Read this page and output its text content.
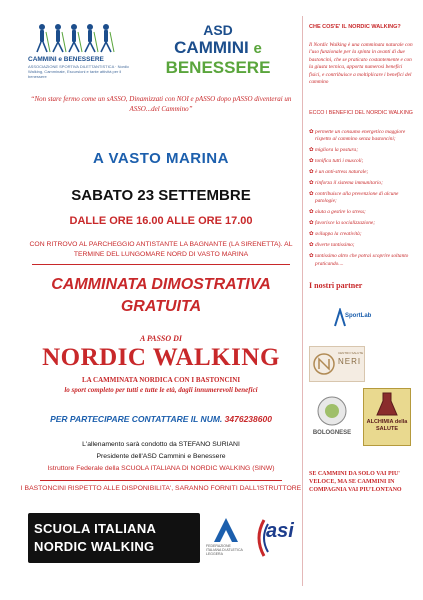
CAMMINI e BENESSERE
ASSOCIAZIONE SPORTIVA DILETTANTISTICA · Nordic Walking, Camminate, Escursioni e tante attività per il benessere
ASD
CAMMINI e
BENESSERE
“Non stare fermo come un sASSO, Dinamizzati con NOI e pASSO dopo pASSO diventerai un ASSO...del Cammino”
A VASTO MARINA
SABATO 23 SETTEMBRE
DALLE ORE 16.00 ALLE ORE 17.00
CON RITROVO AL PARCHEGGIO ANTISTANTE LA BAGNANTE (LA SIRENETTA). AL TERMINE DEL LUNGOMARE NORD DI VASTO MARINA
CAMMINATA DIMOSTRATIVA
GRATUITA
A PASSO DI
NORDIC WALKING
LA CAMMINATA NORDICA CON I BASTONCINI
lo sport completo per tutti e tutte le età, dagli innumerevoli benefici
PER PARTECIPARE CONTATTARE IL NUM. 3476238600
L'allenamento sarà condotto da STEFANO SURIANI
Presidente dell'ASD Cammini e Benessere
Istruttore Federale della SCUOLA ITALIANA DI NORDIC WALKING (SINW)
I BASTONCINI RISPETTO ALLE DISPONIBILITA', SARANNO FORNITI DALL'ISTRUTTORE
SCUOLA ITALIANA
NORDIC WALKING	FEDERAZIONE ITALIANA DI ATLETICA LEGGERA
asi
CHE COS'E' IL NORDIC WALKING?
Il Nordic Walking è una camminata naturale con l'uso funzionale per la spinta in avanti di due bastoncini, che se praticato costantemente e con la giusta tecnica, apporta numerosi benefici fisici, e contribuisce a moltiplicare i benefici del cammino
ECCO I BENEFICI DEL NORDIC WALKING
✿ permette un consumo energetico maggiore rispetto al cammino senza bastoncini;
✿ migliora la postura;
✿ tonifica tutti i muscoli;
✿ è un anti-stress naturale;
✿ rinforza il sistema immunitario;
✿ contribuisce alla prevenzione di alcune patologie;
✿ aiuta a gestire lo stress;
✿ favorisce la socializzazione;
✿ sviluppa la creatività;
✿ diverte tantissimo;
✿ tantissimo altro che potrai scoprire soltanto praticando....
I nostri partner
SportLab
CENTRO SALUTE
NERI
BOLOGNESE
ALCHIMIA della SALUTE
SE CAMMINI DA SOLO VAI PIU' VELOCE, MA SE CAMMINI IN COMPAGNIA VAI PIU'LONTANO
